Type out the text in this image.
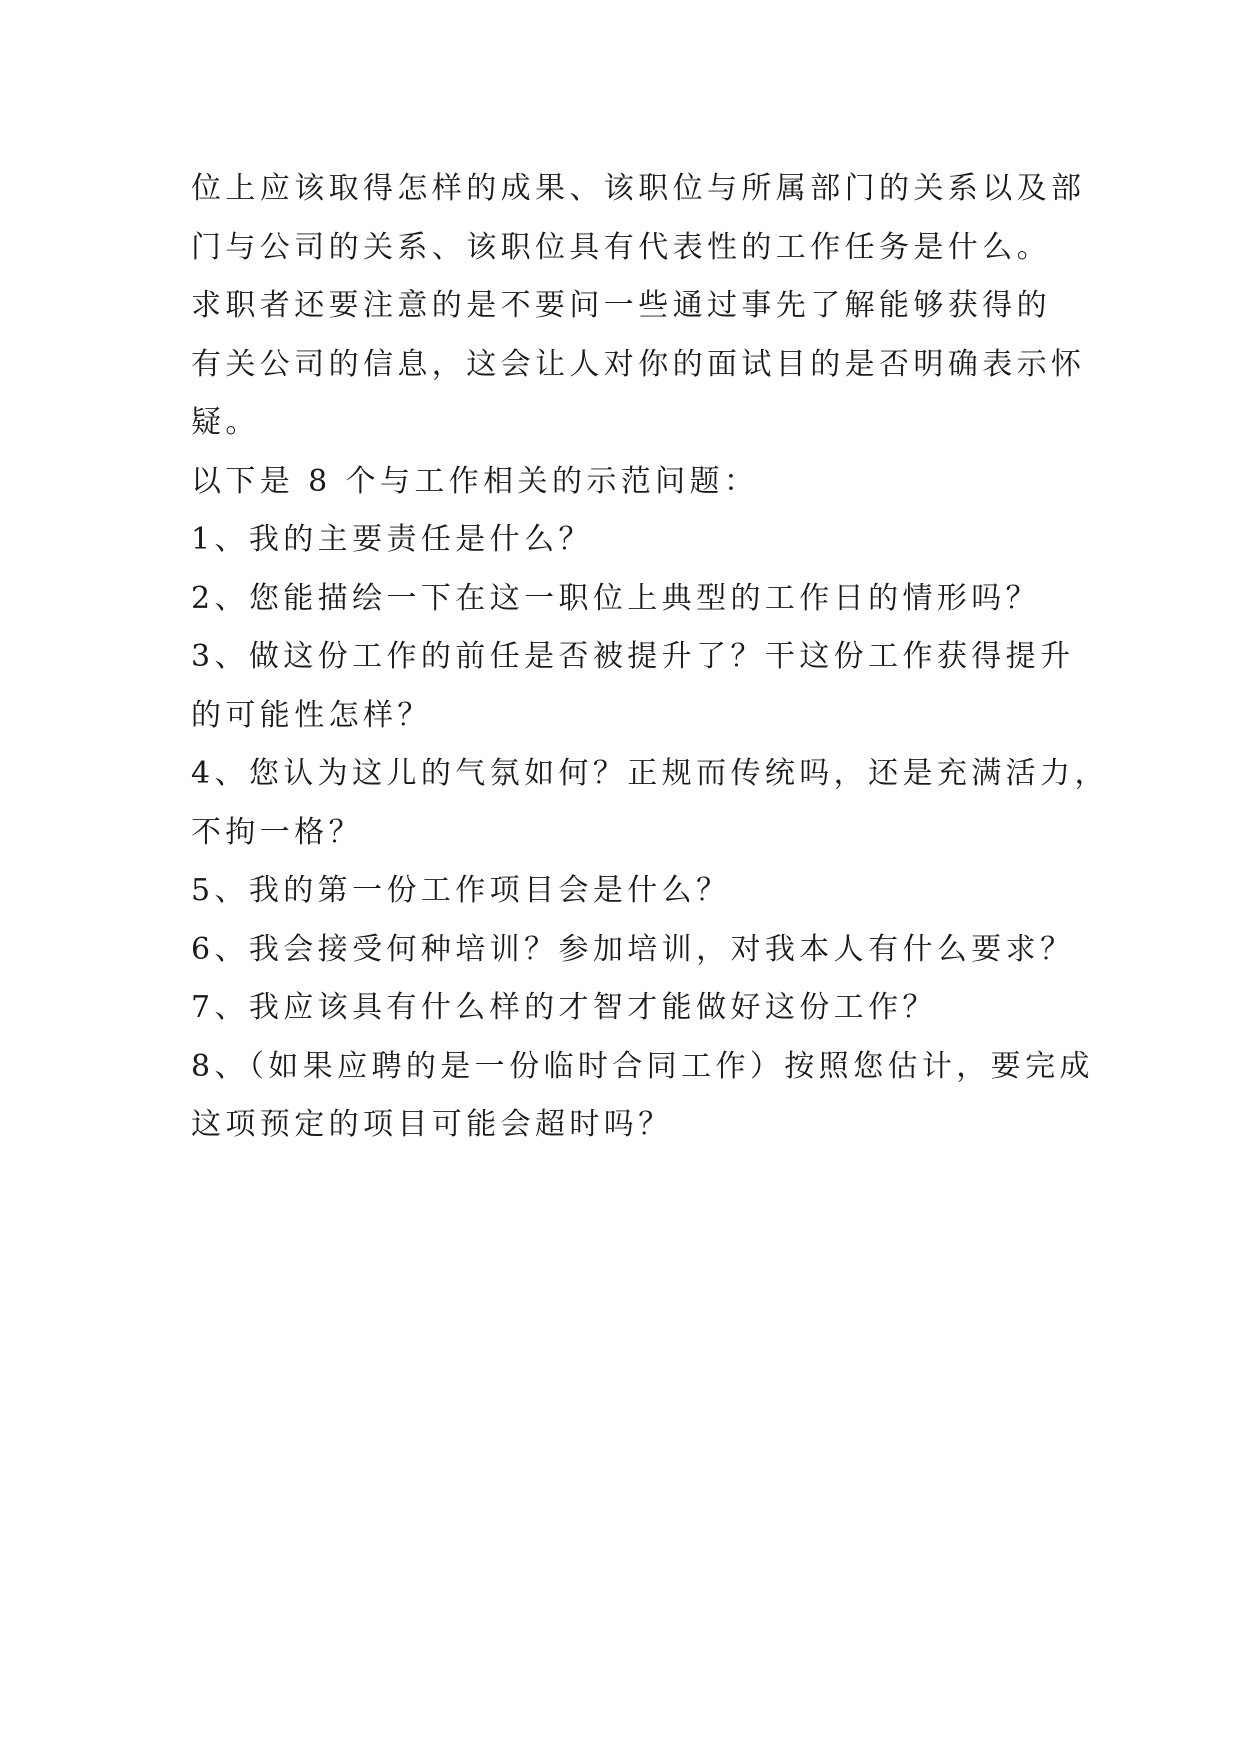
位上应该取得怎样的成果、该职位与所属部门的关系以及部
门与公司的关系、该职位具有代表性的工作任务是什么。
求职者还要注意的是不要问一些通过事先了解能够获得的
有关公司的信息，这会让人对你的面试目的是否明确表示怀
疑。
以下是 8 个与工作相关的示范问题：
1、我的主要责任是什么？
2、您能描绘一下在这一职位上典型的工作日的情形吗？
3、做这份工作的前任是否被提升了？干这份工作获得提升
的可能性怎样？
4、您认为这儿的气氛如何？正规而传统吗，还是充满活力，
不拘一格？
5、我的第一份工作项目会是什么？
6、我会接受何种培训？参加培训，对我本人有什么要求？
7、我应该具有什么样的才智才能做好这份工作？
8、（如果应聘的是一份临时合同工作）按照您估计，要完成
这项预定的项目可能会超时吗？
